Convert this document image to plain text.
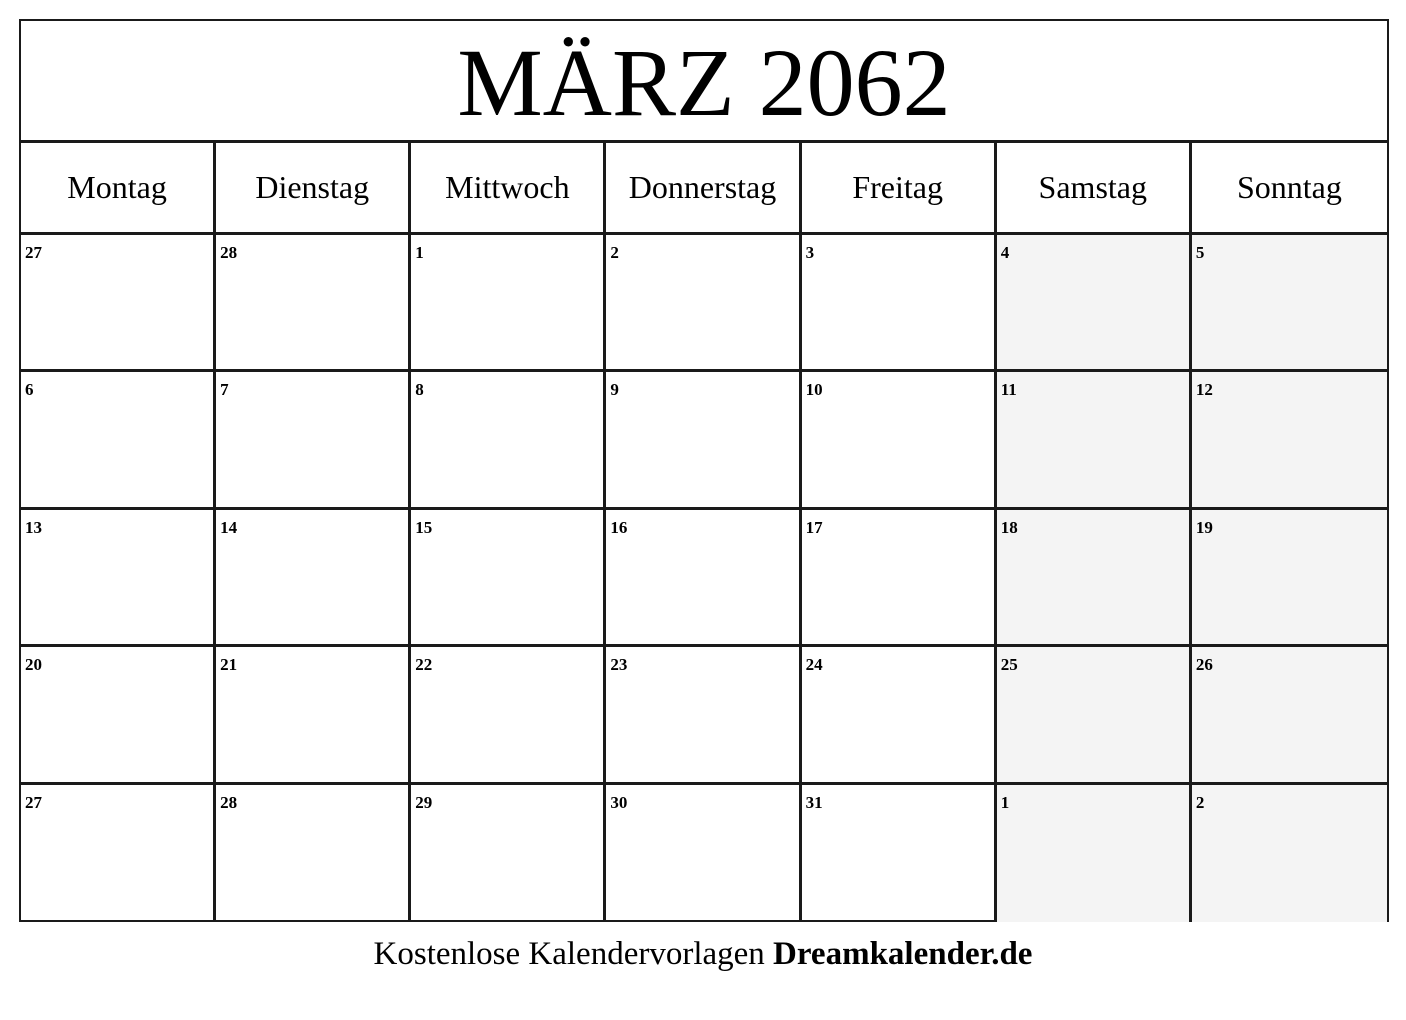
MÄRZ 2062
Montag	Dienstag	Mittwoch	Donnerstag	Freitag	Samstag	Sonntag
27	28	1	2	3	4	5
6	7	8	9	10	11	12
13	14	15	16	17	18	19
20	21	22	23	24	25	26
27	28	29	30	31	1	2
Kostenlose Kalendervorlagen Dreamkalender.de
